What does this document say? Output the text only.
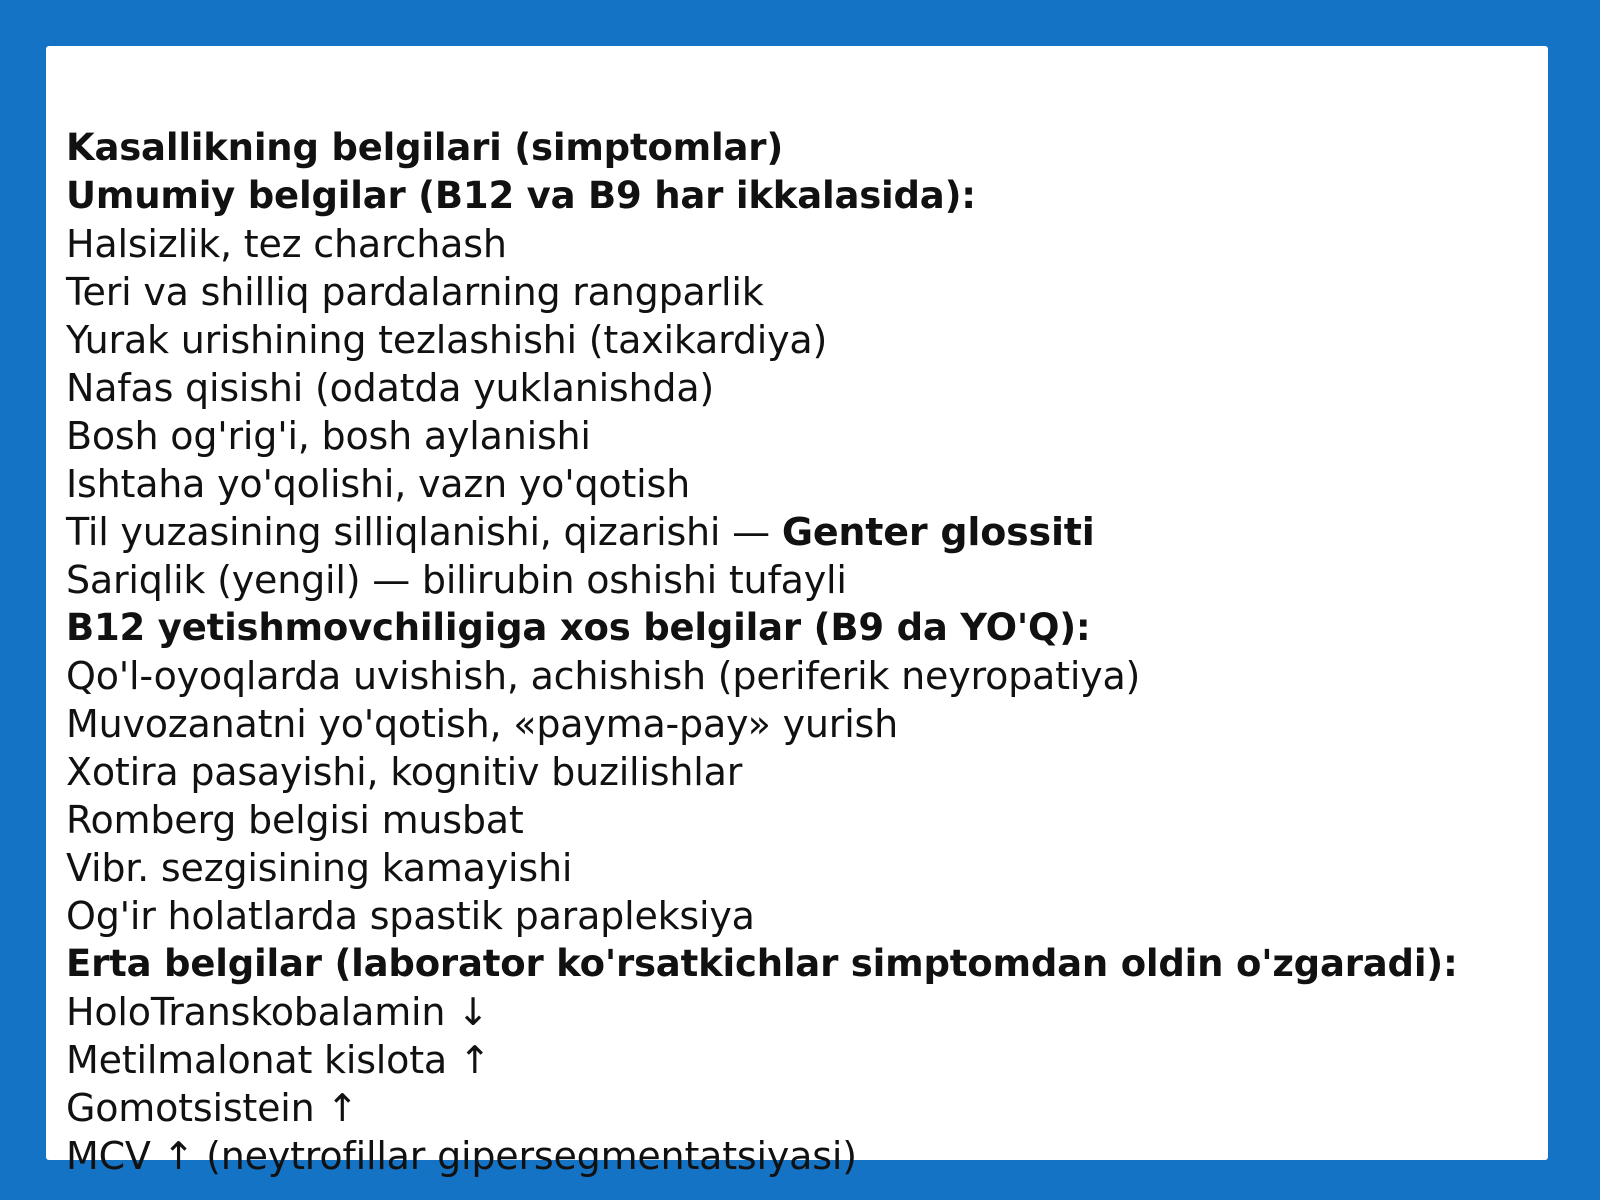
Kasallikning belgilari (simptomlar)
Umumiy belgilar (B12 va B9 har ikkalasida):
Halsizlik, tez charchash
Teri va shilliq pardalarning rangparlik
Yurak urishining tezlashishi (taxikardiya)
Nafas qisishi (odatda yuklanishda)
Bosh og'rig'i, bosh aylanishi
Ishtaha yo'qolishi, vazn yo'qotish
Til yuzasining silliqlanishi, qizarishi — Genter glossiti
Sariqlik (yengil) — bilirubin oshishi tufayli
B12 yetishmovchiligiga xos belgilar (B9 da YO'Q):
Qo'l-oyoqlarda uvishish, achishish (periferik neyropatiya)
Muvozanatni yo'qotish, «payma-pay» yurish
Xotira pasayishi, kognitiv buzilishlar
Romberg belgisi musbat
Vibr. sezgisining kamayishi
Og'ir holatlarda spastik parapleksiya
Erta belgilar (laborator ko'rsatkichlar simptomdan oldin o'zgaradi):
HoloTranskobalamin ↓
Metilmalonat kislota ↑
Gomotsistein ↑
MCV ↑ (neytrofillar gipersegmentatsiyasi)
